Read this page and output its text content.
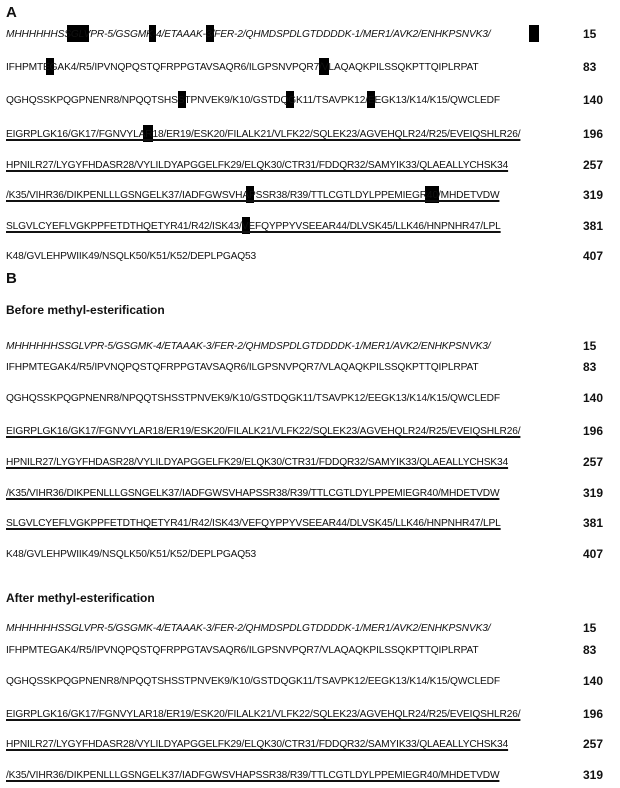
A
MHHHHHHSSGLVPR-5/GSGMK-4/ETAAAK-3/FER-2/QHMDSPDLGTDDDDK-1/MER1/AVK2/ENHKPSNVK3/	15
IFHPMTEGAK4/R5/IPVNQPQSTQFRPPGTAVSAQR6/ILGPSNVPQR7/VLAQAQKPILSSQKPTTQIPLRPAT	83
QGHQSSKPQGPNENR8/NPQQTSHSSTPNVEK9/K10/GSTDQGK11/TSAVPK12/EEGK13/K14/K15/QWCLEDF	140
EIGRPLGK16/GK17/FGNVYLAR18/ER19/ESK20/FILALK21/VLFK22/SQLEK23/AGVEHQLR24/R25/EVEIQSHLR26/	196
HPNILR27/LYGYFHDASR28/VYLILDYAPGGELFK29/ELQK30/CTR31/FDDQR32/SAMYIK33/QLAEALLYCHSK34	257
/K35/VIHR36/DIKPENLLLGSNGELK37/IADFGWSVHAPSSR38/R39/TTLCGTLDYLPPEMIEGR40/MHDETVDW	319
SLGVLCYEFLVGKPPFETDTHQETYR41/R42/ISK43/VEFQYPPYVSEEAR44/DLVSK45/LLK46/HNPNHR47/LPL	381
K48/GVLEHPWIIK49/NSQLK50/K51/K52/DEPLPGAQ53	407
B
Before methyl-esterification
MHHHHHHSSGLVPR-5/GSGMK-4/ETAAAK-3/FER-2/QHMDSPDLGTDDDDK-1/MER1/AVK2/ENHKPSNVK3/	15
IFHPMTEGAK4/R5/IPVNQPQSTQFRPPGTAVSAQR6/ILGPSNVPQR7/VLAQAQKPILSSQKPTTQIPLRPAT	83
QGHQSSKPQGPNENR8/NPQQTSHSSTPNVEK9/K10/GSTDQGK11/TSAVPK12/EEGK13/K14/K15/QWCLEDF	140
EIGRPLGK16/GK17/FGNVYLAR18/ER19/ESK20/FILALK21/VLFK22/SQLEK23/AGVEHQLR24/R25/EVEIQSHLR26/	196
HPNILR27/LYGYFHDASR28/VYLILDYAPGGELFK29/ELQK30/CTR31/FDDQR32/SAMYIK33/QLAEALLYCHSK34	257
/K35/VIHR36/DIKPENLLLGSNGELK37/IADFGWSVHAPSSR38/R39/TTLCGTLDYLPPEMIEGR40/MHDETVDW	319
SLGVLCYEFLVGKPPFETDTHQETYR41/R42/ISK43/VEFQYPPYVSEEAR44/DLVSK45/LLK46/HNPNHR47/LPL	381
K48/GVLEHPWIIK49/NSQLK50/K51/K52/DEPLPGAQ53	407
After methyl-esterification
MHHHHHHSSGLVPR-5/GSGMK-4/ETAAAK-3/FER-2/QHMDSPDLGTDDDDK-1/MER1/AVK2/ENHKPSNVK3/	15
IFHPMTEGAK4/R5/IPVNQPQSTQFRPPGTAVSAQR6/ILGPSNVPQR7/VLAQAQKPILSSQKPTTQIPLRPAT	83
QGHQSSKPQGPNENR8/NPQQTSHSSTPNVEK9/K10/GSTDQGK11/TSAVPK12/EEGK13/K14/K15/QWCLEDF	140
EIGRPLGK16/GK17/FGNVYLAR18/ER19/ESK20/FILALK21/VLFK22/SQLEK23/AGVEHQLR24/R25/EVEIQSHLR26/	196
HPNILR27/LYGYFHDASR28/VYLILDYAPGGELFK29/ELQK30/CTR31/FDDQR32/SAMYIK33/QLAEALLYCHSK34	257
/K35/VIHR36/DIKPENLLLGSNGELK37/IADFGWSVHAPSSR38/R39/TTLCGTLDYLPPEMIEGR40/MHDETVDW	319
